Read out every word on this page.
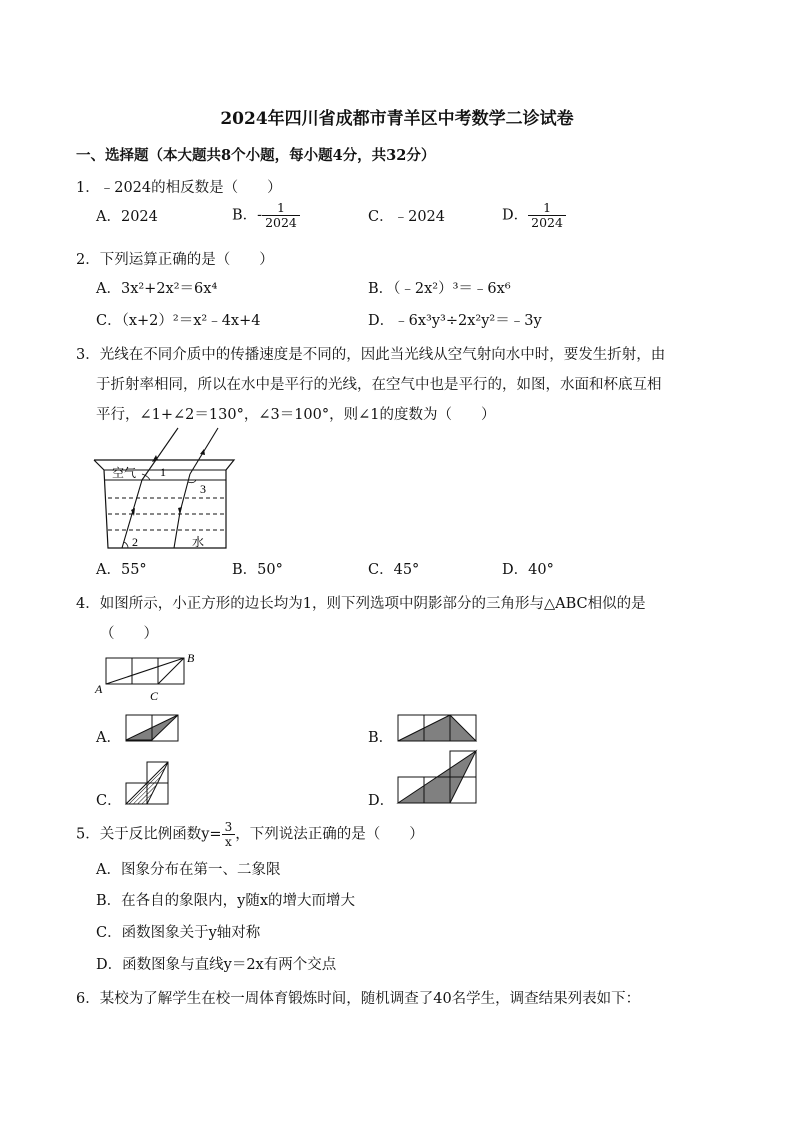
2024年四川省成都市青羊区中考数学二诊试卷
一、选择题（本大题共8个小题，每小题4分，共32分）
1．﹣2024的相反数是（　　）
A．2024	B．- $\frac{1}{2024}$	C．﹣2024	D． $\frac{1}{2024}$
2．下列运算正确的是（　　）
A．3x²+2x²＝6x⁴	B．（﹣2x²）³＝﹣6x⁶
C．（x+2）²＝x²﹣4x+4	D．﹣6x³y³÷2x²y²＝﹣3y
3．光线在不同介质中的传播速度是不同的，因此当光线从空气射向水中时，要发生折射，由
于折射率相同，所以在水中是平行的光线，在空气中也是平行的，如图，水面和杯底互相
平行，∠1+∠2＝130°，∠3＝100°，则∠1的度数为（　　）
空气 1
3
2	水
A．55°	B．50°	C．45°	D．40°
4．如图所示，小正方形的边长均为1，则下列选项中阴影部分的三角形与△ABC相似的是
（　　）
A
B
C
A．	B．
C．	D．
5．关于反比例函数$y= \frac{3}{x}$ ，下列说法正确的是（　　）
A．图象分布在第一、二象限
B．在各自的象限内，y随x的增大而增大
C．函数图象关于y轴对称
D．函数图象与直线y＝2x有两个交点
6．某校为了解学生在校一周体育锻炼时间，随机调查了40名学生，调查结果列表如下：
